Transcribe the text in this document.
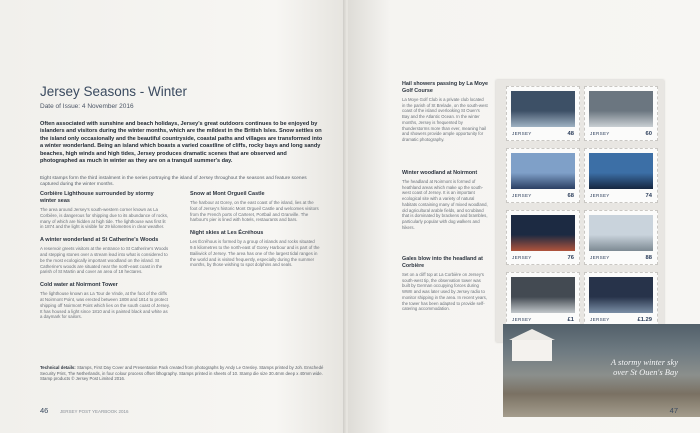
Jersey Seasons - Winter
Date of Issue: 4 November 2016
Often associated with sunshine and beach holidays, Jersey's great outdoors continues to be enjoyed by islanders and visitors during the winter months, which are the mildest in the British Isles. Snow settles on the island only occasionally and the beautiful countryside, coastal paths and villages are transformed into a winter wonderland. Being an island which boasts a varied coastline of cliffs, rocky bays and long sandy beaches, high winds and high tides, Jersey produces dramatic scenes that are observed and photographed as much in winter as they are on a tranquil summer's day.
Eight stamps form the third instalment in the series portraying the island of Jersey throughout the seasons and feature scenes captured during the winter months.
Corbière Lighthouse surrounded by stormy winter seas
The area around Jersey's south-western corner known as La Corbière, is dangerous for shipping due to its abundance of rocks, many of which are hidden at high tide. The lighthouse was first lit in 1874 and the light is visible for 29 kilometres in clear weather.
A winter wonderland at St Catherine's Woods
A reservoir greets visitors at the entrance to St Catherine's Woods and stepping stones over a stream lead into what is considered to be the most ecologically important woodland on the island. St Catherine's woods are situated near the north-east coast in the parish of St Martin and cover an area of 18 hectares.
Cold water at Noirmont Tower
The lighthouse known as La Tour de Vinde, at the foot of the cliffs at Noirmont Point, was erected between 1808 and 1814 to protect shipping off Noirmont Point which lies on the south coast of Jersey. It has housed a light since 1810 and is painted black and white as a daymark for sailors.
Snow at Mont Orgueil Castle
The harbour at Gorey, on the east coast of the island, lies at the foot of Jersey's historic Mont Orgueil Castle and welcomes visitors from the French ports of Carteret, Portbail and Granville. The harbour's pier is lined with hotels, restaurants and bars.
Night skies at Les Écréhous
Les Écréhous is formed by a group of islands and rocks situated 9.6 kilometres to the north-east of Gorey Harbour and is part of the Bailiwick of Jersey. The area has one of the largest tidal ranges in the world and is visited frequently, especially during the summer months, by those wishing to spot dolphins and seals.
Technical details: Stamps, First Day Cover and Presentation Pack created from photographs by Andy Le Gresley. Stamps printed by Joh. Enschedé Security Print, The Netherlands, in four colour process offset lithography. Stamps printed in sheets of 10. Stamp die size 30.4mm deep x 40mm wide. Stamp products © Jersey Post Limited 2016.
46	JERSEY POST YEARBOOK 2016
Hail showers passing by La Moye Golf Course
La Moye Golf Club is a private club located in the parish of St Brelade, on the south-west coast of the island overlooking St Ouen's Bay and the Atlantic Ocean. In the winter months, Jersey is frequented by thunderstorms more than ever, meaning hail and showers provide ample opportunity for dramatic photography.
Winter woodland at Noirmont
The headland at Noirmont is formed of heathland areas which make up the south-west coast of Jersey. It is an important ecological site with a variety of natural habitats containing many of mixed woodland, old agricultural arable fields, and scrubland that is dominated by brackens and brambles, particularly popular with dog walkers and hikers.
Gales blow into the headland at Corbière
Set on a cliff top at La Corbière on Jersey's south-west tip, the observation tower was built by German occupying forces during WWII and was later used by Jersey radio to monitor shipping in the area. In recent years, the tower has been adapted to provide self-catering accommodation.
JERSEY	48	JERSEY	60
JERSEY	68	JERSEY	74
JERSEY	76	JERSEY	88
JERSEY	£1	JERSEY	£1.29
A stormy winter sky
over St Ouen's Bay
47
